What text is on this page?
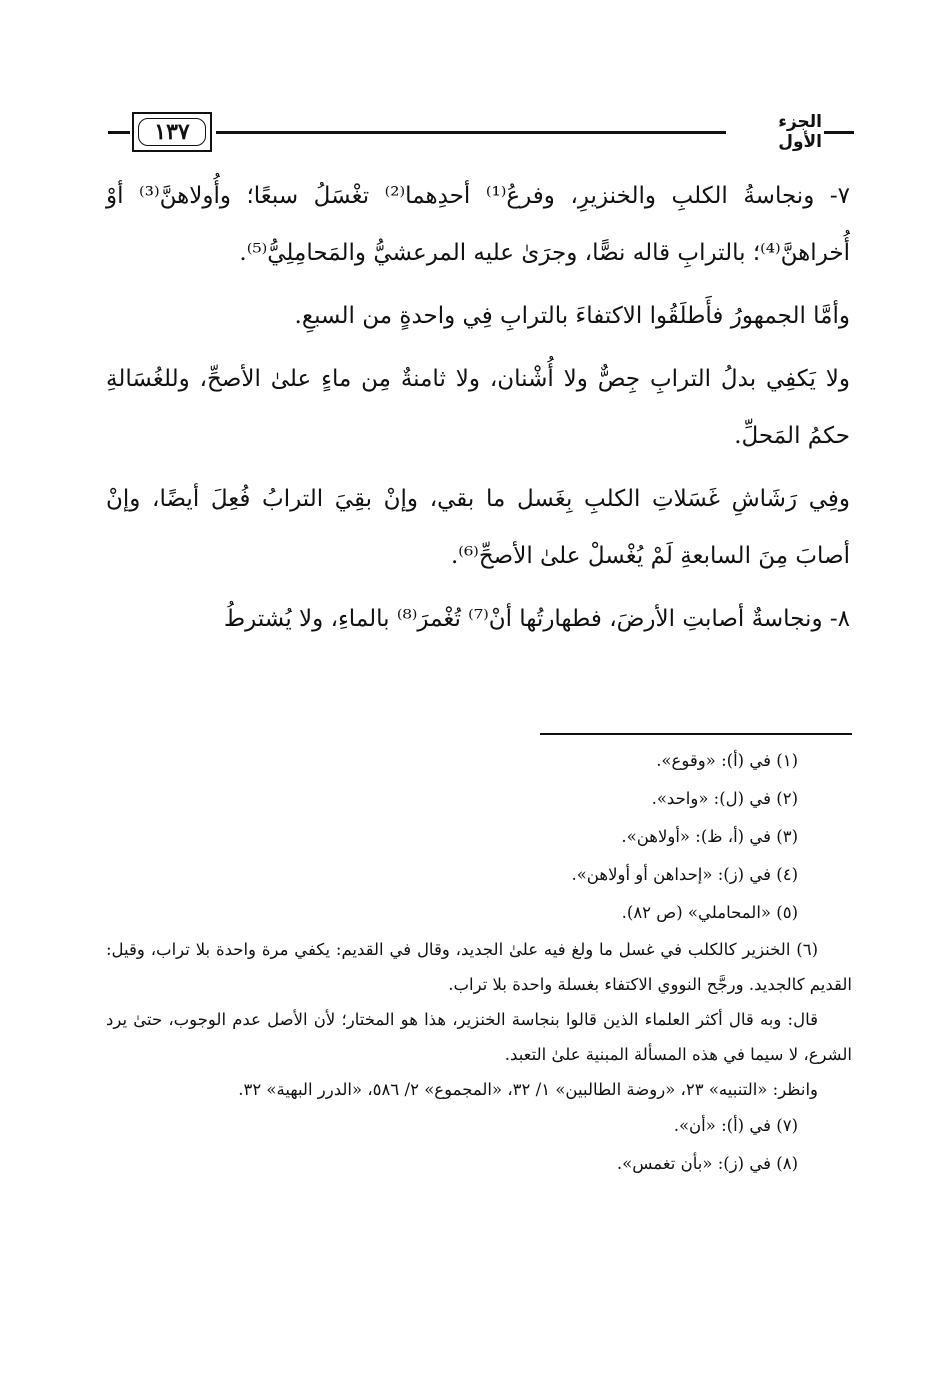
١٣٧	الجزء الأول

٧- ونجاسةُ الكلبِ والخنزيرِ، وفرعُ⁽¹⁾ أحدِهما⁽²⁾ تغْسَلُ سبعًا؛ وأُولاهنَّ⁽³⁾ أوْ أُخراهنَّ⁽⁴⁾؛ بالترابِ قاله نصًّا، وجرَىٰ عليه المرعشيُّ والمَحامِلِيُّ⁽⁵⁾.

وأمَّا الجمهورُ فأَطلَقُوا الاكتفاءَ بالترابِ فِي واحدةٍ من السبعِ.

ولا يَكفِي بدلُ الترابِ جِصٌّ ولا أُشْنان، ولا ثامنةٌ مِن ماءٍ علىٰ الأصحِّ، وللغُسَالةِ حكمُ المَحلِّ.

وفِي رَشَاشِ غَسَلاتِ الكلبِ بِغَسل ما بقي، وإنْ بقِيَ الترابُ فُعِلَ أيضًا، وإنْ أصابَ مِنَ السابعةِ لَمْ يُغْسلْ علىٰ الأصحِّ⁽⁶⁾.

٨- ونجاسةٌ أصابتِ الأرضَ، فطهارتُها أنْ⁽⁷⁾ تُغْمرَ⁽⁸⁾ بالماءِ، ولا يُشترطُ

(١) في (أ): «وقوع».

(٢) في (ل): «واحد».

(٣) في (أ، ظ): «أولاهن».

(٤) في (ز): «إحداهن أو أولاهن».

(٥) «المحاملي» (ص ٨٢).

(٦) الخنزير كالكلب في غسل ما ولغ فيه علىٰ الجديد، وقال في القديم: يكفي مرة واحدة بلا تراب، وقيل: القديم كالجديد. ورجَّح النووي الاكتفاء بغسلة واحدة بلا تراب.

قال: وبه قال أكثر العلماء الذين قالوا بنجاسة الخنزير، هذا هو المختار؛ لأن الأصل عدم الوجوب، حتىٰ يرد الشرع، لا سيما في هذه المسألة المبنية علىٰ التعبد.

وانظر: «التنبيه» ٢٣، «روضة الطالبين» ١/ ٣٢، «المجموع» ٢/ ٥٨٦، «الدرر البهية» ٣٢.

(٧) في (أ): «أن».

(٨) في (ز): «بأن تغمس».
